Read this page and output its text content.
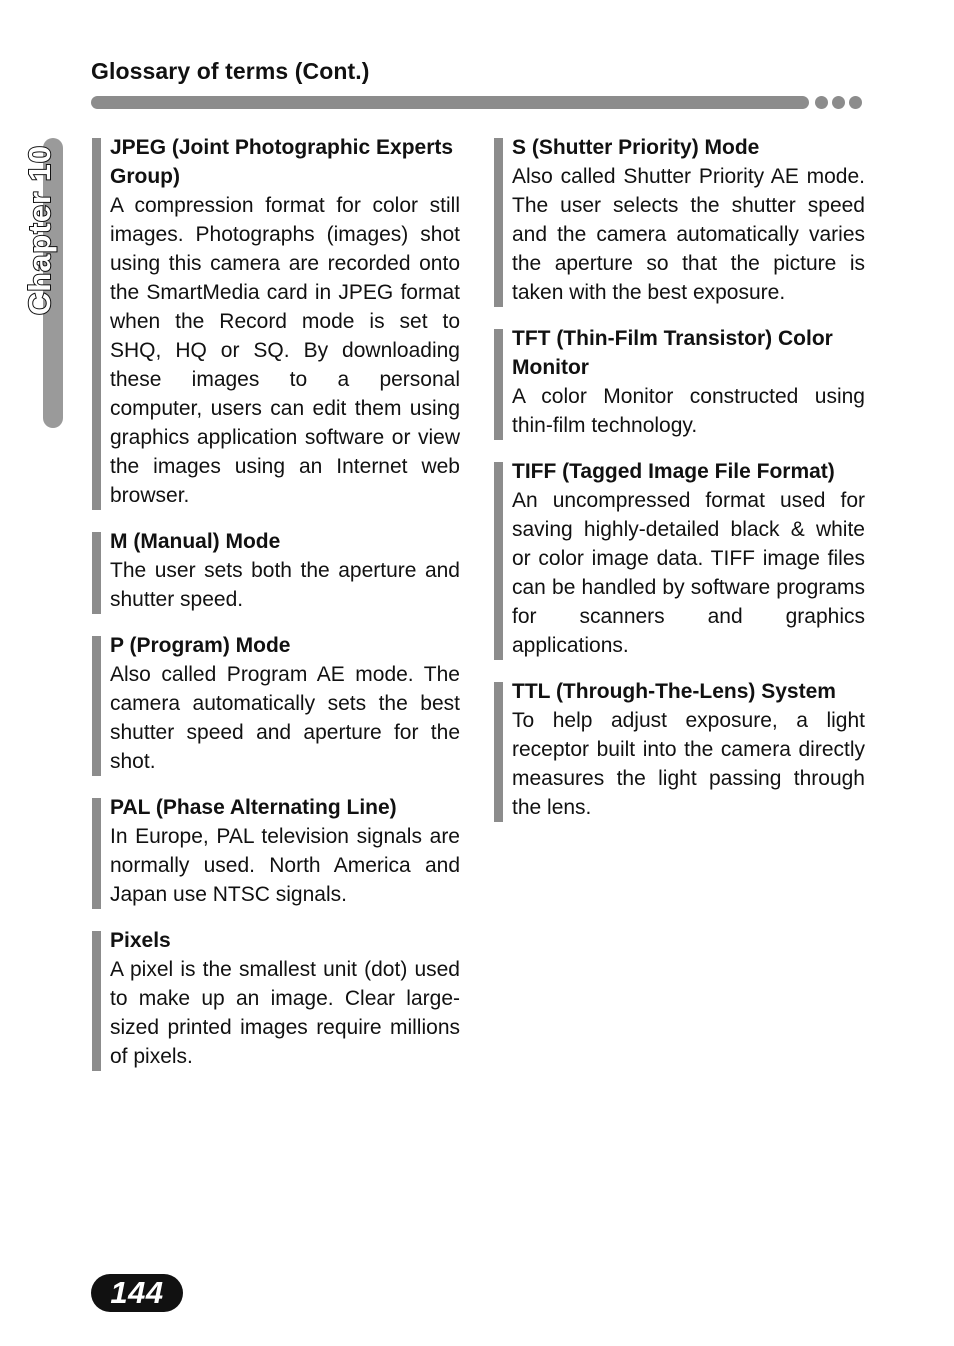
Glossary of terms (Cont.)
Chapter 10	JPEG (Joint Photographic Experts Group)
A compression format for color still images. Photographs (images) shot using this camera are recorded onto the SmartMedia card in JPEG format when the Record mode is set to SHQ, HQ or SQ. By downloading these images to a personal computer, users can edit them using graphics application software or view the images using an Internet web browser.
M (Manual) Mode
The user sets both the aperture and shutter speed.
P (Program) Mode
Also called Program AE mode. The camera automatically sets the best shutter speed and aperture for the shot.
PAL (Phase Alternating Line)
In Europe, PAL television signals are normally used. North America and Japan use NTSC signals.
Pixels
A pixel is the smallest unit (dot) used to make up an image. Clear large-sized printed images require millions of pixels.
S (Shutter Priority) Mode
Also called Shutter Priority AE mode. The user selects the shutter speed and the camera automatically varies the aperture so that the picture is taken with the best exposure.
TFT (Thin-Film Transistor) Color Monitor
A color Monitor constructed using thin-film technology.
TIFF (Tagged Image File Format)
An uncompressed format used for saving highly-detailed black & white or color image data. TIFF image files can be handled by software programs for scanners and graphics applications.
TTL (Through-The-Lens) System
To help adjust exposure, a light receptor built into the camera directly measures the light passing through the lens.
144
